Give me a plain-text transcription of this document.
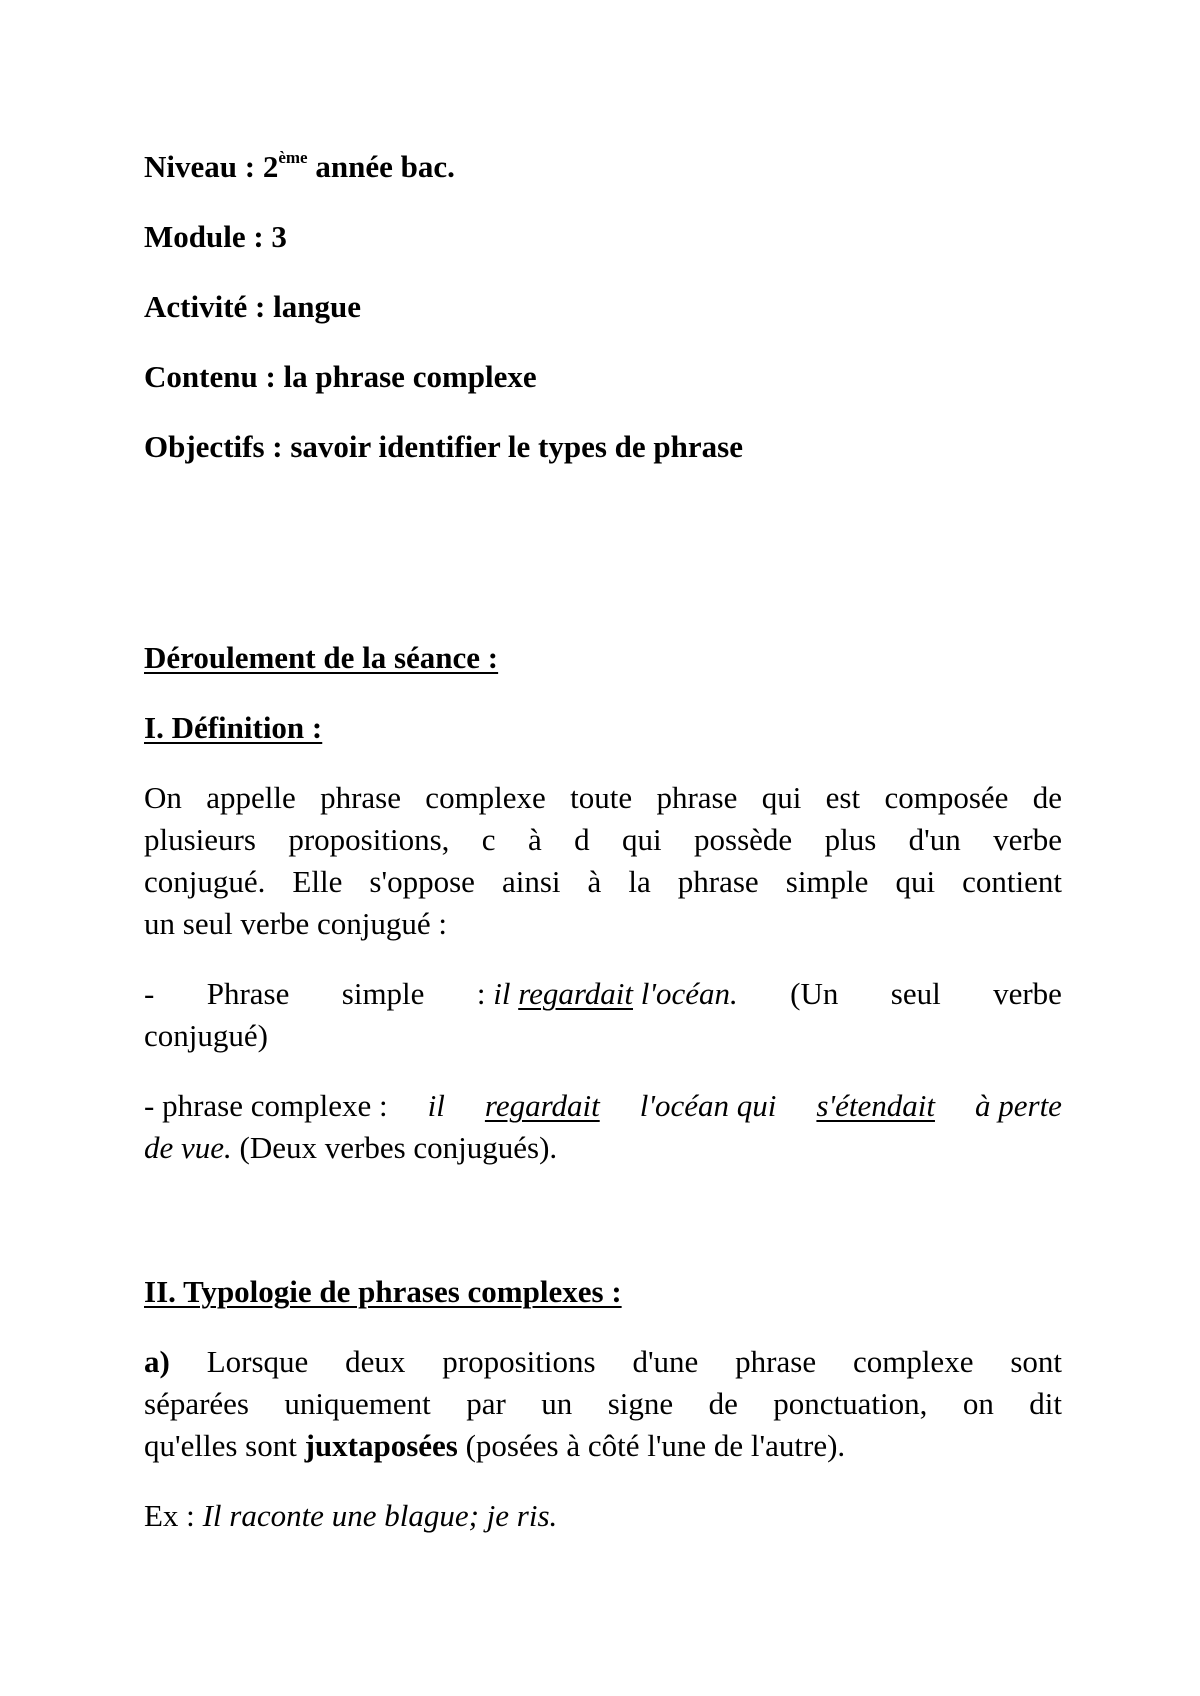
Niveau : 2ème année bac.
Module : 3
Activité : langue
Contenu : la phrase complexe
Objectifs : savoir identifier le types de phrase
Déroulement de la séance :
I. Définition :
On appelle phrase complexe toute phrase qui est composée de
plusieurs propositions, c à d qui possède plus d'un verbe
conjugué. Elle s'oppose ainsi à la phrase simple qui contient
un seul verbe conjugué :
- Phrase simple : il regardait l'océan. (Un seul verbe
conjugué)
- phrase complexe : il regardait l'océan qui s'étendait à perte
de vue. (Deux verbes conjugués).
II. Typologie de phrases complexes :
a) Lorsque deux propositions d'une phrase complexe sont
séparées uniquement par un signe de ponctuation, on dit
qu'elles sont juxtaposées (posées à côté l'une de l'autre).
Ex : Il raconte une blague; je ris.
